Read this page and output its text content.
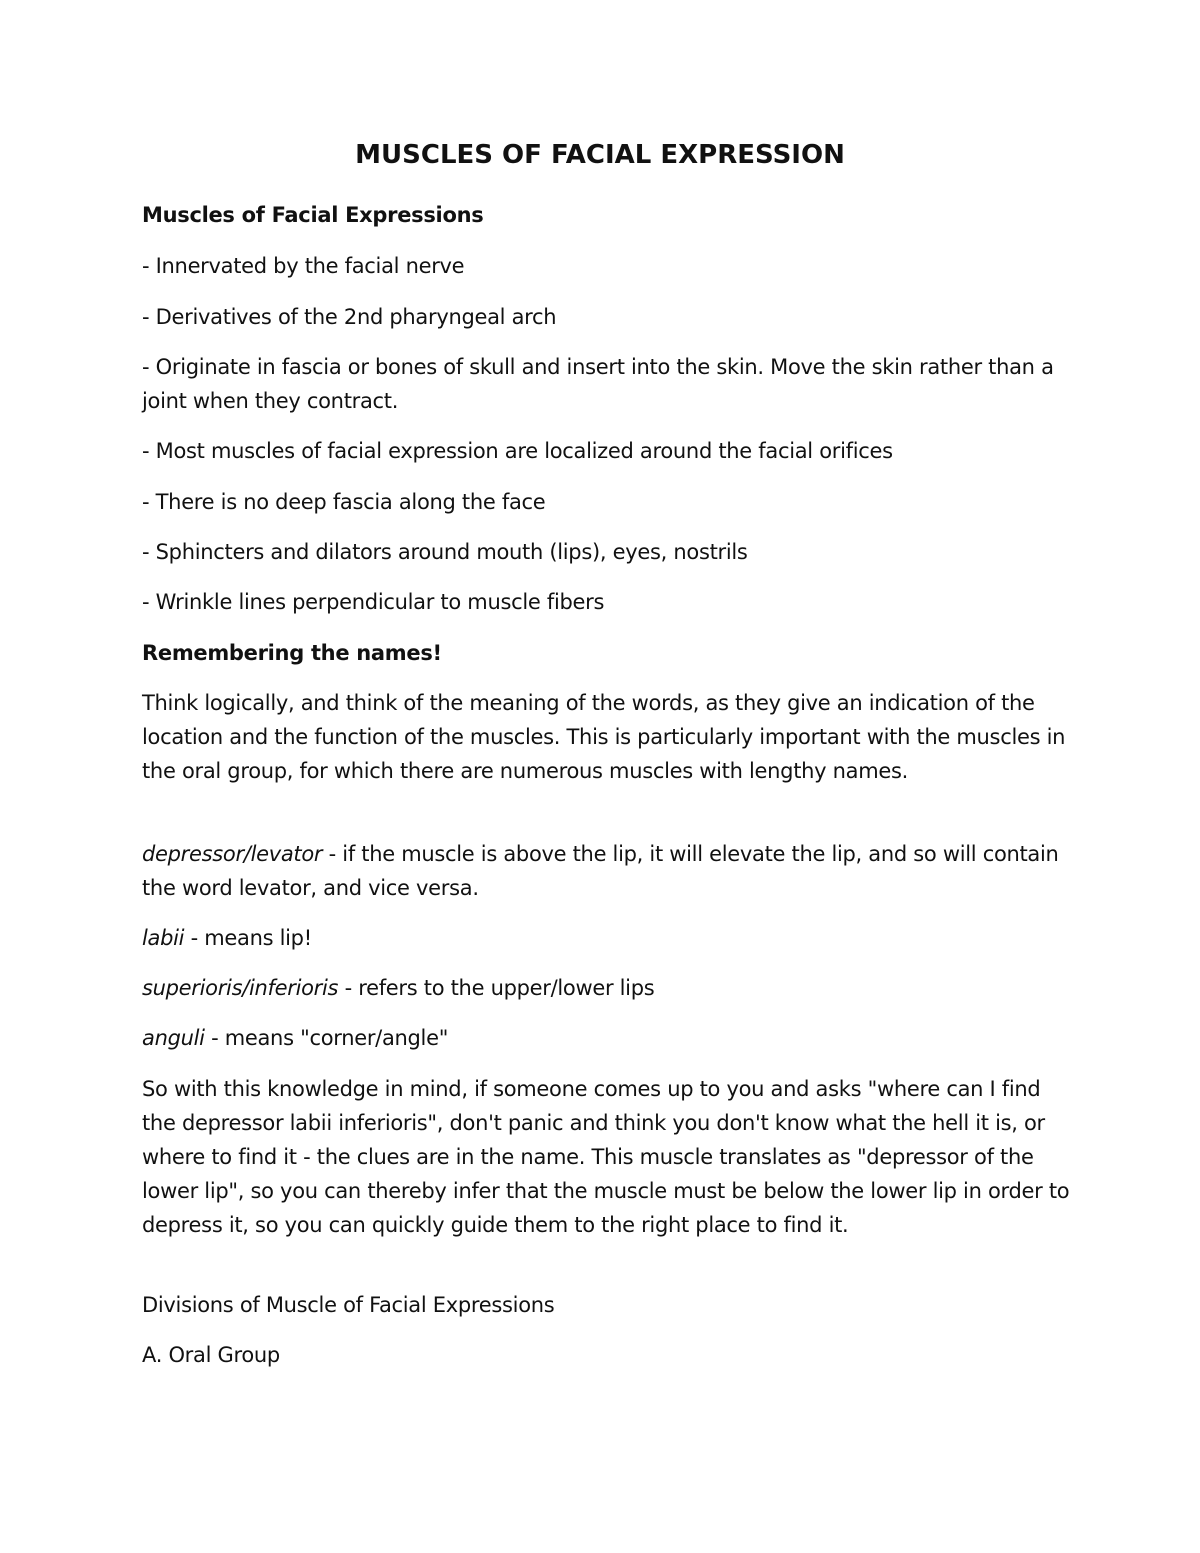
MUSCLES OF FACIAL EXPRESSION

Muscles of Facial Expressions

- Innervated by the facial nerve

- Derivatives of the 2nd pharyngeal arch

- Originate in fascia or bones of skull and insert into the skin. Move the skin rather than a joint when they contract.

- Most muscles of facial expression are localized around the facial orifices

- There is no deep fascia along the face

- Sphincters and dilators around mouth (lips), eyes, nostrils

- Wrinkle lines perpendicular to muscle fibers

Remembering the names!

Think logically, and think of the meaning of the words, as they give an indication of the location and the function of the muscles. This is particularly important with the muscles in the oral group, for which there are numerous muscles with lengthy names.

depressor/levator - if the muscle is above the lip, it will elevate the lip, and so will contain the word levator, and vice versa.

labii - means lip!

superioris/inferioris - refers to the upper/lower lips

anguli - means "corner/angle"

So with this knowledge in mind, if someone comes up to you and asks "where can I find the depressor labii inferioris", don't panic and think you don't know what the hell it is, or where to find it - the clues are in the name. This muscle translates as "depressor of the lower lip", so you can thereby infer that the muscle must be below the lower lip in order to depress it, so you can quickly guide them to the right place to find it.

Divisions of Muscle of Facial Expressions

A. Oral Group
